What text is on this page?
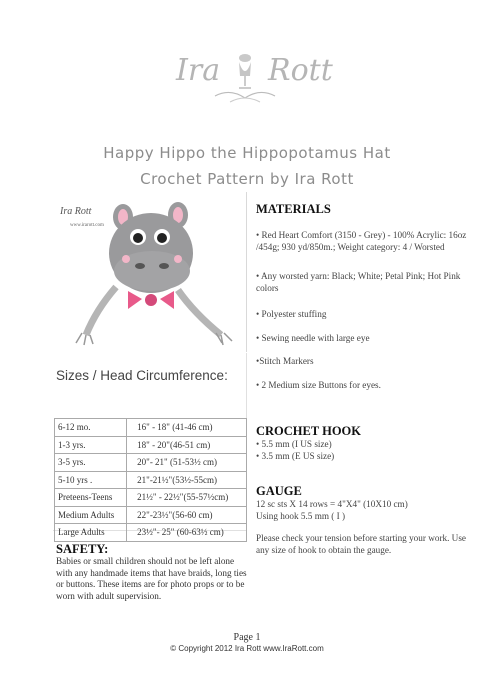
Ira Rott
Happy Hippo the Hippopotamus Hat
Crochet Pattern by Ira Rott
Ira Rott
www.irarott.com
MATERIALS
• Red Heart Comfort (3150 - Grey) - 100% Acrylic: 16oz /454g; 930 yd/850m.; Weight category: 4 / Worsted
• Any worsted yarn: Black; White; Petal Pink; Hot Pink colors
• Polyester stuffing
• Sewing needle with large eye
•Stitch Markers
• 2 Medium size Buttons for eyes.
CROCHET HOOK
• 5.5 mm (I US size)
• 3.5 mm (E US size)
GAUGE
12 sc sts X 14 rows = 4"X4" (10X10 cm)
Using hook 5.5 mm ( I )
Please check your tension before starting your work. Use any size of hook to obtain the gauge.
Sizes / Head Circumference:
6-12 mo.	16" - 18" (41-46 cm)
1-3 yrs.	18" - 20"(46-51 cm)
3-5 yrs.	20"- 21" (51-53½ cm)
5-10 yrs .	21"-21½"(53½-55cm)
Preteens-Teens	21½" - 22½"(55-57½cm)
Medium Adults	22"-23½"(56-60 cm)
Large Adults	23½"- 25" (60-63½ cm)
SAFETY:
Babies or small children should not be left alone with any handmade items that have braids, long ties or buttons. These items are for photo props or to be worn with adult supervision.
Page 1
© Copyright 2012 Ira Rott www.IraRott.com
